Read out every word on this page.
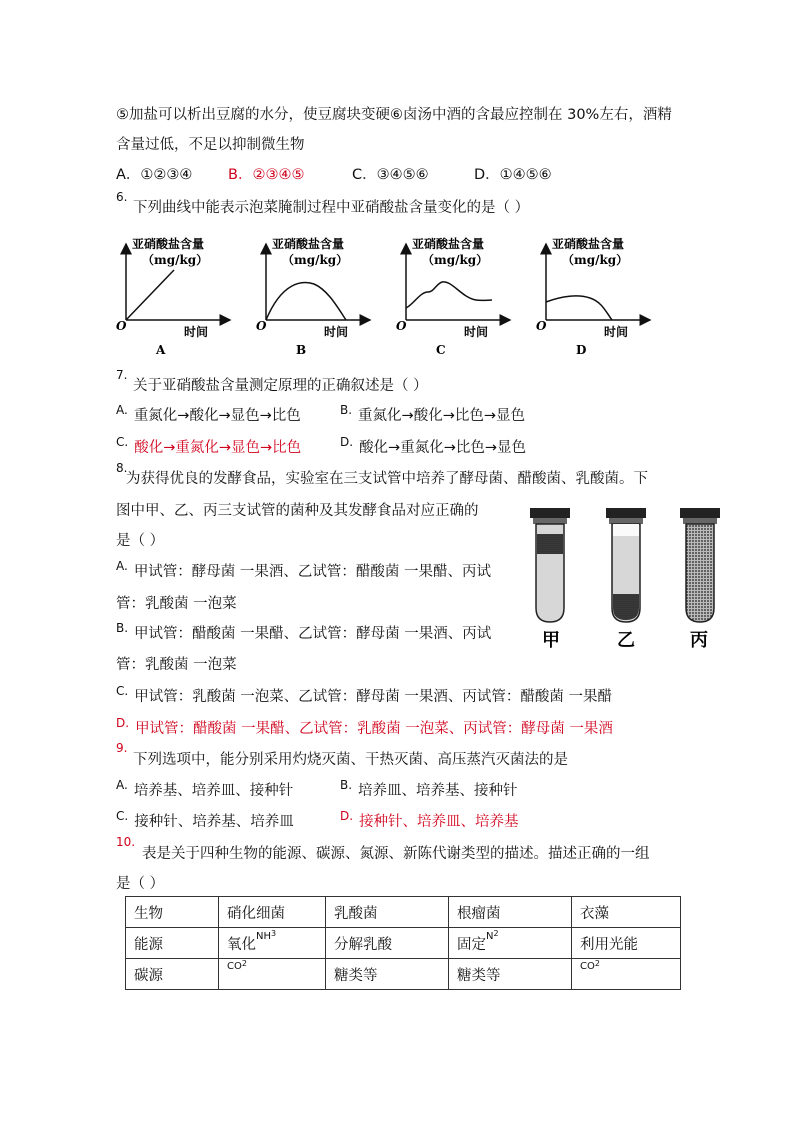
⑤加盐可以析出豆腐的水分，使豆腐块变硬⑥卤汤中酒的含最应控制在 30%左右，酒精
含量过低，不足以抑制微生物
A．①②③④ B．②③④⑤	C．③④⑤⑥	D．①④⑤⑥
6.
下列曲线中能表示泡菜腌制过程中亚硝酸盐含量变化的是（ ）
亚硝酸盐含量
（mg/kg）
O	时间
A
亚硝酸盐含量
（mg/kg）
O	时间
B
亚硝酸盐含量
（mg/kg）
O	时间
C
亚硝酸盐含量
（mg/kg）
O	时间
D
7.
关于亚硝酸盐含量测定原理的正确叙述是（ ）
$^{A.}$ 重氮化→酸化→显色→比色	$^{B.}$ 重氮化→酸化→比色→显色
$^{C.}$ 酸化→重氮化→显色→比色	$^{D.}$ 酸化→重氮化→比色→显色
8.
为获得优良的发酵食品，实验室在三支试管中培养了酵母菌、醋酸菌、乳酸菌。下
图中甲、乙、丙三支试管的菌种及其发酵食品对应正确的
是（ ）
$^{A.}$ 甲试管：酵母菌 一果酒、乙试管：醋酸菌 一果醋、丙试
管：乳酸菌 一泡菜
$^{B.}$ 甲试管：醋酸菌 一果醋、乙试管：酵母菌 一果酒、丙试
管：乳酸菌 一泡菜
$^{C.}$ 甲试管：乳酸菌 一泡菜、乙试管：酵母菌 一果酒、丙试管：醋酸菌 一果醋
$^{D.}$ 甲试管：醋酸菌 一果醋、乙试管：乳酸菌 一泡菜、丙试管：酵母菌 一果酒
甲	乙	丙
9.
下列选项中，能分别采用灼烧灭菌、干热灭菌、高压蒸汽灭菌法的是
$^{A.}$ 培养基、培养皿、接种针	$^{B.}$ 培养皿、培养基、接种针
$^{C.}$ 接种针、培养基、培养皿	$^{D.}$ 接种针、培养皿、培养基
10.
表是关于四种生物的能源、碳源、氮源、新陈代谢类型的描述。描述正确的一组
是（ ）
生物	硝化细菌	乳酸菌	根瘤菌	衣藻
能源	氧化$^{NH^3}$	分解乳酸	固定$^{N^2}$	利用光能
碳源	$^{CO^2}$	糖类等	糖类等	$^{CO^2}$
